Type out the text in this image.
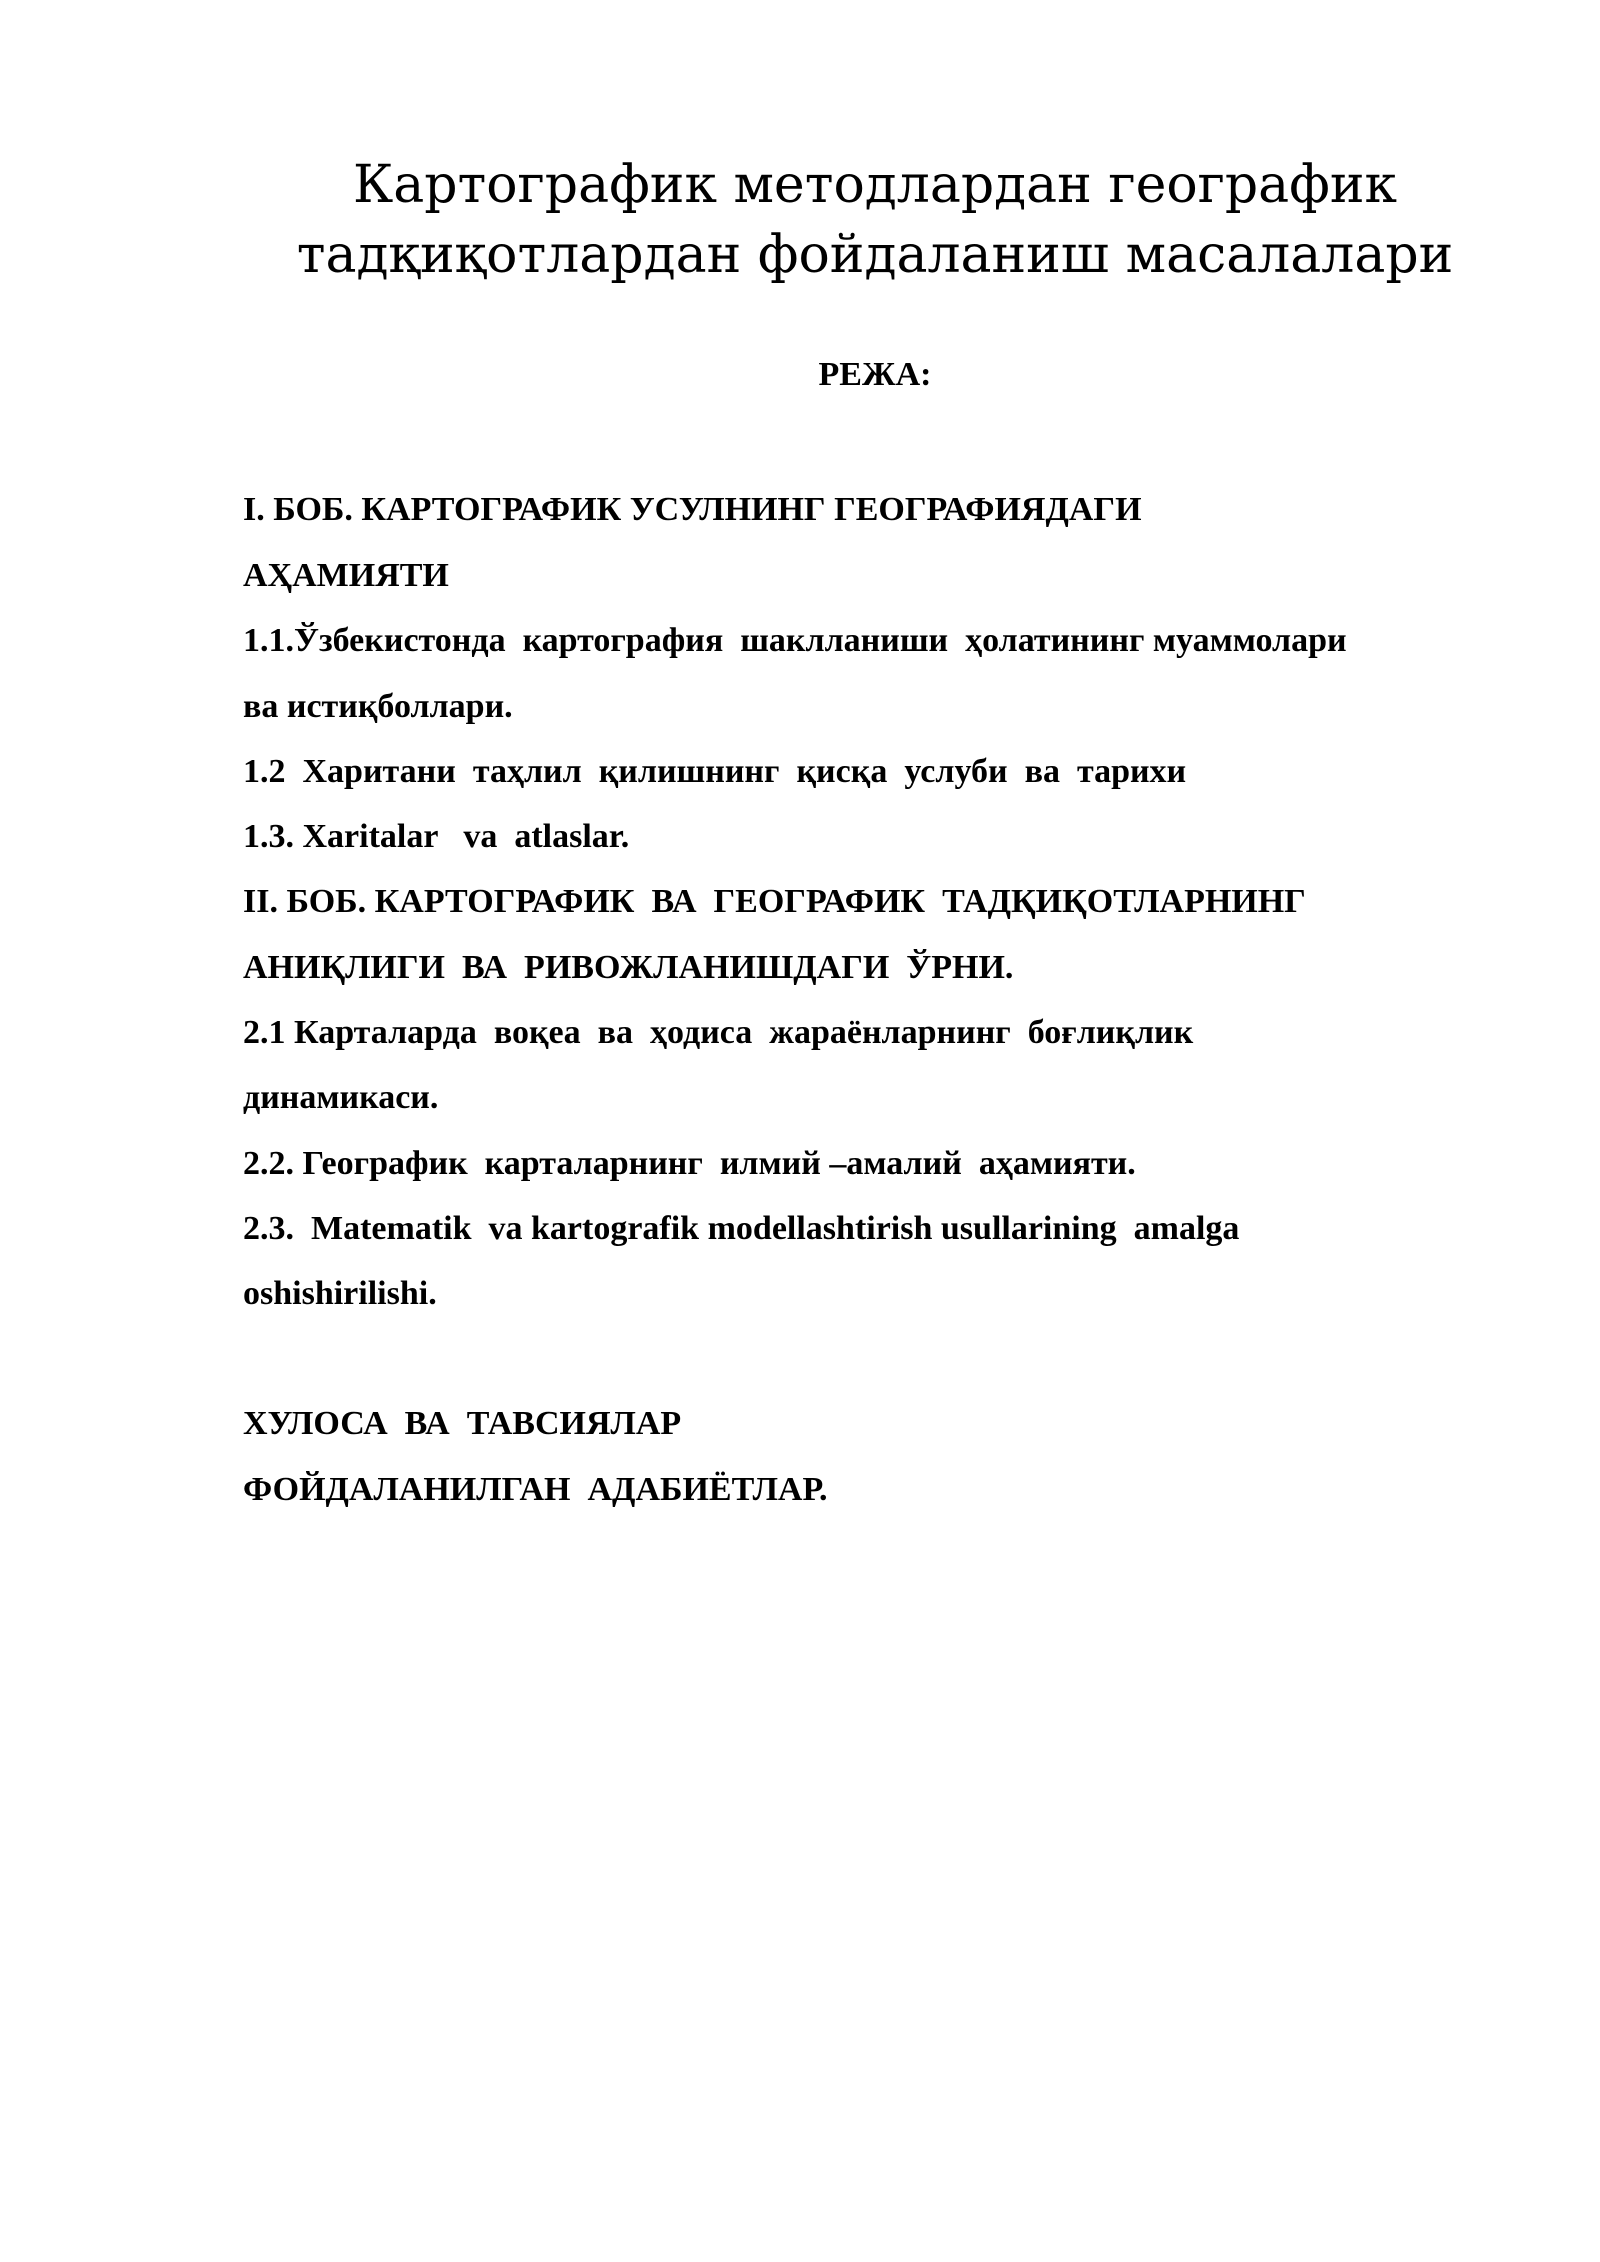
Картографик методлардан географик
тадқиқотлардан фойдаланиш масалалари
РЕЖА:
I. БОБ. КАРТОГРАФИК УСУЛНИНГ ГЕОГРАФИЯДАГИ
АҲАМИЯТИ
1.1.Ўзбекистонда  картография  шаклланиши  ҳолатининг муаммолари
ва истиқболлари.
1.2  Харитани  таҳлил  қилишнинг  қисқа  услуби  ва  тарихи
1.3. Xaritalar   va  atlaslar.
II. БОБ. КАРТОГРАФИК  ВА  ГЕОГРАФИК  ТАДҚИҚОТЛАРНИНГ
АНИҚЛИГИ  ВА  РИВОЖЛАНИШДАГИ  ЎРНИ.
2.1 Карталарда  воқеа  ва  ҳодиса  жараёнларнинг  боғлиқлик
динамикаси.
2.2. Географик  карталарнинг  илмий –амалий  аҳамияти.
2.3.  Matematik  va kartografik modellashtirish usullarining  amalga
oshishirilishi.
ХУЛОСА  ВА  ТАВСИЯЛАР
ФОЙДАЛАНИЛГАН  АДАБИЁТЛАР.
